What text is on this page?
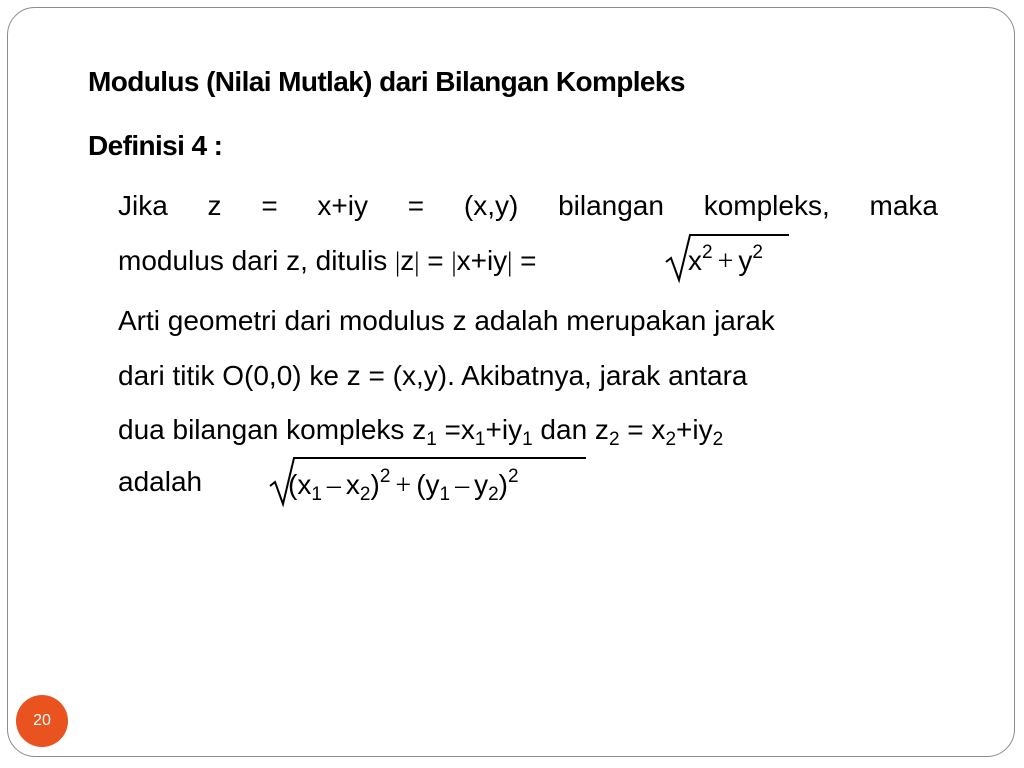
Modulus (Nilai Mutlak) dari Bilangan Kompleks
Definisi 4 :
Jika z = x+iy = (x,y) bilangan kompleks, maka
modulus dari z, ditulis |z| = |x+iy| =	$x^2 + y^2$
Arti geometri dari modulus z adalah merupakan jarak
dari titik O(0,0) ke z = (x,y). Akibatnya, jarak antara
dua bilangan kompleks $z_1 =x_1+iy_1$ dan $z_2 = x_2+iy_2$
adalah	$(x_1 - x_2)^2 + (y_1 - y_2)^2$
20
